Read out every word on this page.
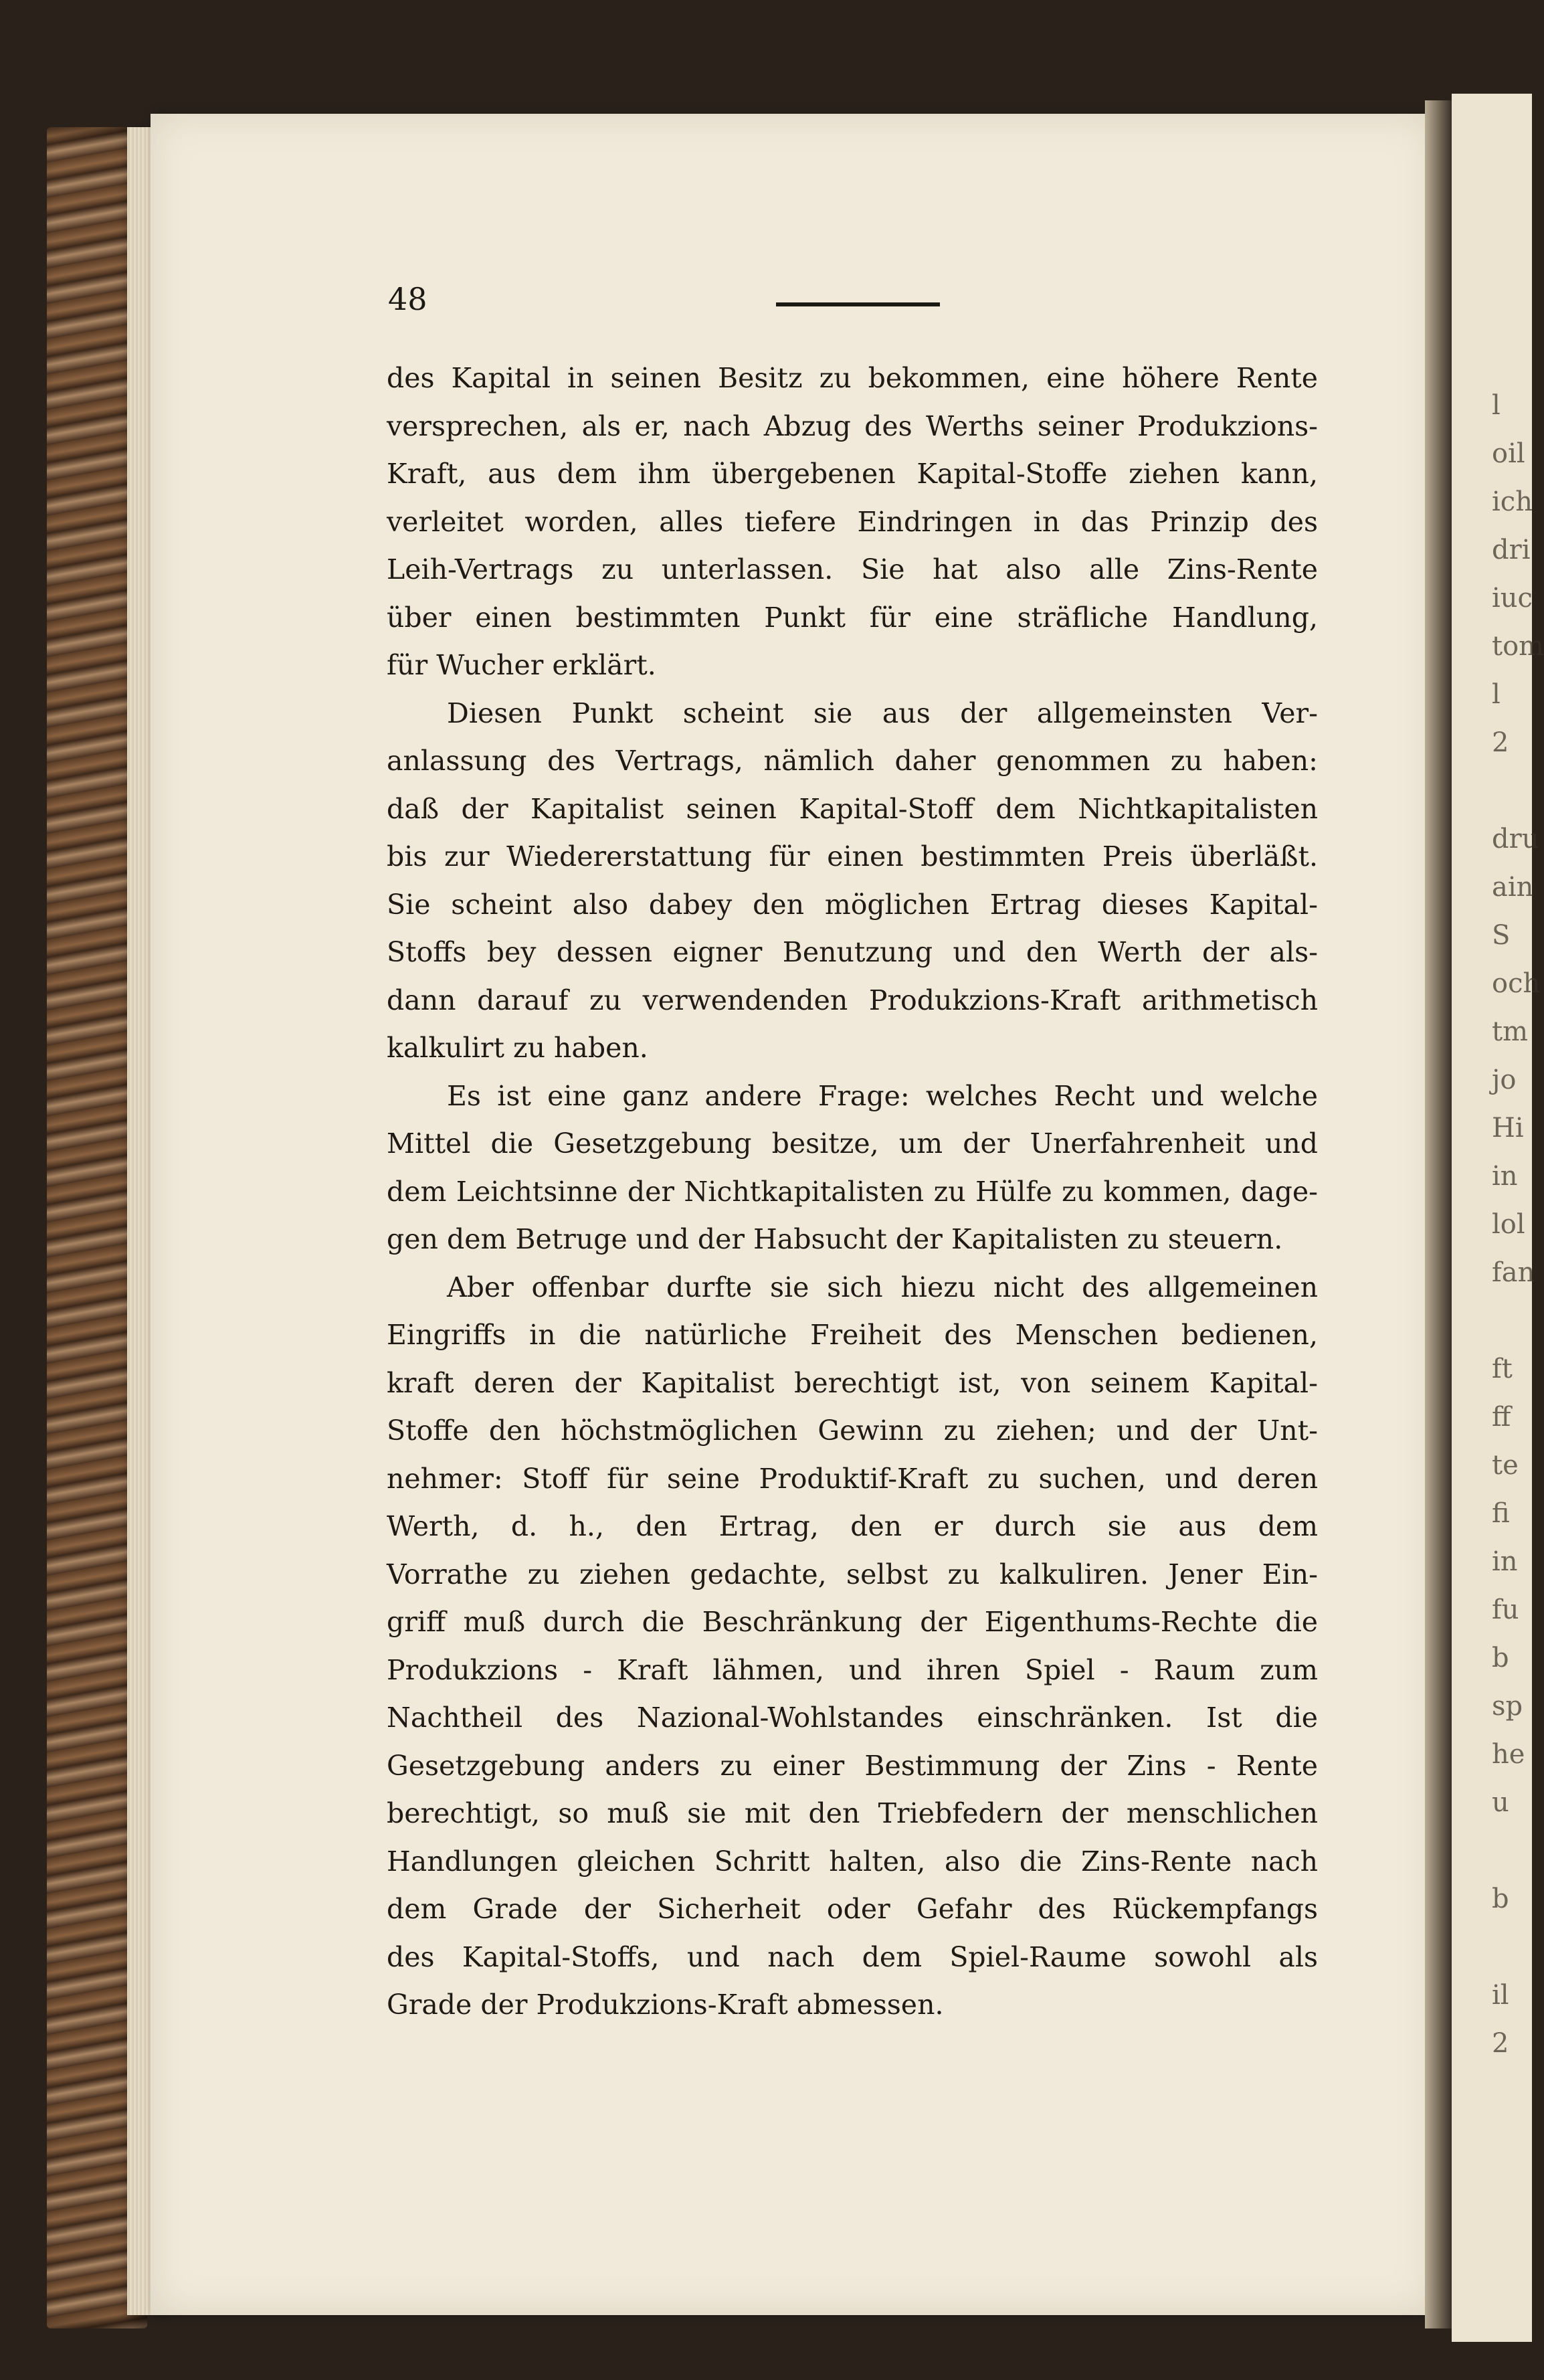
l
oil
ich
dri
iuc
tom
l
2
dru
ain
S
och
tm
jo
Hi
in
lol
fan
ft
ff
te
fi
in
fu
b
sp
he
u
b
il
2
48
des Kapital in seinen Besitz zu bekommen, eine höhere Rente
versprechen, als er, nach Abzug des Werths seiner Produkzions-
Kraft, aus dem ihm übergebenen Kapital-Stoffe ziehen kann,
verleitet worden, alles tiefere Eindringen in das Prinzip des
Leih-Vertrags zu unterlassen. Sie hat also alle Zins-Rente
über einen bestimmten Punkt für eine sträfliche Handlung,
für Wucher erklärt.
Diesen Punkt scheint sie aus der allgemeinsten Ver-
anlassung des Vertrags, nämlich daher genommen zu haben:
daß der Kapitalist seinen Kapital-Stoff dem Nichtkapitalisten
bis zur Wiedererstattung für einen bestimmten Preis überläßt.
Sie scheint also dabey den möglichen Ertrag dieses Kapital-
Stoffs bey dessen eigner Benutzung und den Werth der als-
dann darauf zu verwendenden Produkzions-Kraft arithmetisch
kalkulirt zu haben.
Es ist eine ganz andere Frage: welches Recht und welche
Mittel die Gesetzgebung besitze, um der Unerfahrenheit und
dem Leichtsinne der Nichtkapitalisten zu Hülfe zu kommen, dage-
gen dem Betruge und der Habsucht der Kapitalisten zu steuern.
Aber offenbar durfte sie sich hiezu nicht des allgemeinen
Eingriffs in die natürliche Freiheit des Menschen bedienen,
kraft deren der Kapitalist berechtigt ist, von seinem Kapital-
Stoffe den höchstmöglichen Gewinn zu ziehen; und der Unt-
nehmer: Stoff für seine Produktif-Kraft zu suchen, und deren
Werth, d. h., den Ertrag, den er durch sie aus dem
Vorrathe zu ziehen gedachte, selbst zu kalkuliren. Jener Ein-
griff muß durch die Beschränkung der Eigenthums-Rechte die
Produkzions - Kraft lähmen, und ihren Spiel - Raum zum
Nachtheil des Nazional-Wohlstandes einschränken. Ist die
Gesetzgebung anders zu einer Bestimmung der Zins - Rente
berechtigt, so muß sie mit den Triebfedern der menschlichen
Handlungen gleichen Schritt halten, also die Zins-Rente nach
dem Grade der Sicherheit oder Gefahr des Rückempfangs
des Kapital-Stoffs, und nach dem Spiel-Raume sowohl als
Grade der Produkzions-Kraft abmessen.
